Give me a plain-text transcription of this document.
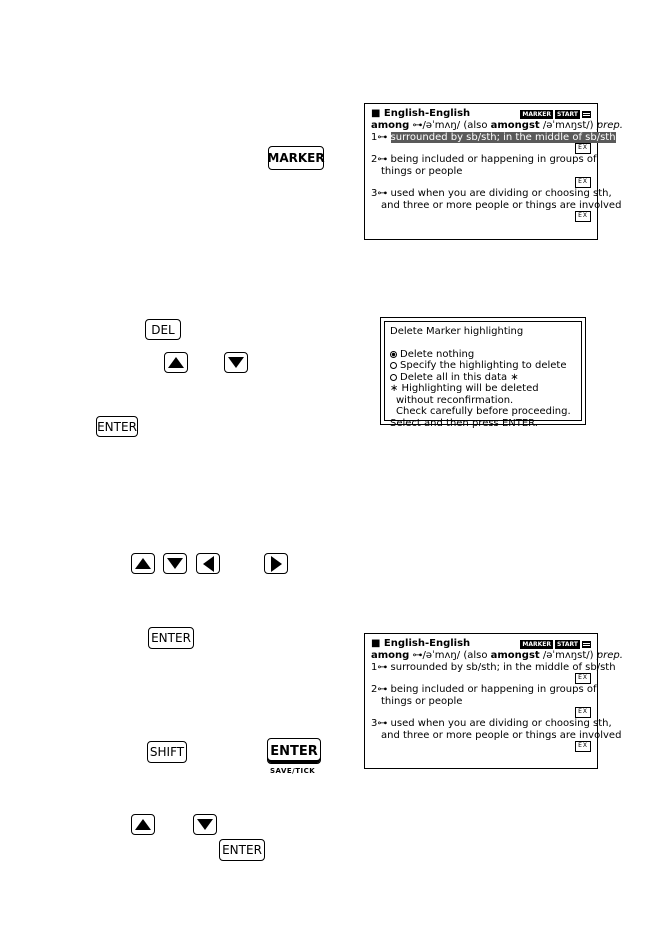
MARKER
■ English-English	MARKER	START
among ⊶/əˈmʌŋ/ (also amongst /əˈmʌŋst/) prep.
1⊶ surrounded by sb/sth; in the middle of sb/sth
EX
2⊶ being included or happening in groups of
things or people
EX
3⊶ used when you are dividing or choosing sth,
and three or more people or things are involved
EX
DEL
ENTER
Delete Marker highlighting
Delete nothing
Specify the highlighting to delete
Delete all in this data ∗
∗ Highlighting will be deleted
without reconfirmation.
Check carefully before proceeding.
Select and then press ENTER.
ENTER
SHIFT	ENTER
SAVE/TICK
■ English-English	MARKER	START
among ⊶/əˈmʌŋ/ (also amongst /əˈmʌŋst/) prep.
1⊶ surrounded by sb/sth; in the middle of sb/sth
EX
2⊶ being included or happening in groups of
things or people
EX
3⊶ used when you are dividing or choosing sth,
and three or more people or things are involved
EX
ENTER
